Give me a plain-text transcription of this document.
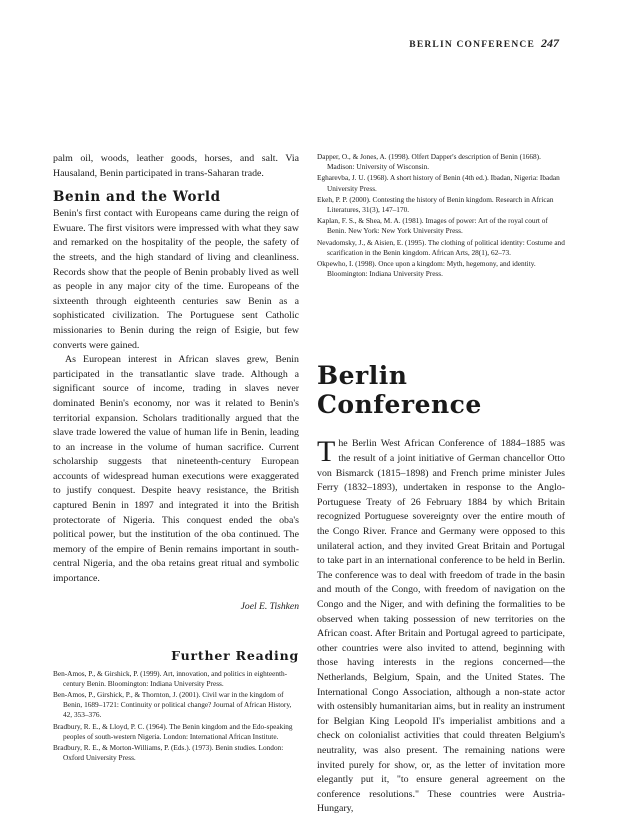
BERLIN CONFERENCE 247

palm oil, woods, leather goods, horses, and salt. Via Hausaland, Benin participated in trans-Saharan trade.

Benin and the World

Benin's first contact with Europeans came during the reign of Ewuare. The first visitors were impressed with what they saw and remarked on the hospitality of the people, the safety of the streets, and the high standard of living and cleanliness. Records show that the people of Benin probably lived as well as people in any major city of the time. Europeans of the sixteenth through eighteenth centuries saw Benin as a sophisticated civilization. The Portuguese sent Catholic missionaries to Benin during the reign of Esigie, but few converts were gained.

As European interest in African slaves grew, Benin participated in the transatlantic slave trade. Although a significant source of income, trading in slaves never dominated Benin's economy, nor was it related to Benin's territorial expansion. Scholars traditionally argued that the slave trade lowered the value of human life in Benin, leading to an increase in the volume of human sacrifice. Current scholarship suggests that nineteenth-century European accounts of widespread human executions were exaggerated to justify conquest. Despite heavy resistance, the British captured Benin in 1897 and integrated it into the British protectorate of Nigeria. This conquest ended the oba's political power, but the institution of the oba continued. The memory of the empire of Benin remains important in south-central Nigeria, and the oba retains great ritual and symbolic importance.

Joel E. Tishken
Further Reading
Ben-Amos, P., & Girshick, P. (1999). Art, innovation, and politics in eighteenth-century Benin. Bloomington: Indiana University Press.
Ben-Amos, P., Girshick, P., & Thornton, J. (2001). Civil war in the kingdom of Benin, 1689–1721: Continuity or political change? Journal of African History, 42, 353–376.
Bradbury, R. E., & Lloyd, P. C. (1964). The Benin kingdom and the Edo-speaking peoples of south-western Nigeria. London: International African Institute.
Bradbury, R. E., & Morton-Williams, P. (Eds.). (1973). Benin studies. London: Oxford University Press.
Dapper, O., & Jones, A. (1998). Olfert Dapper's description of Benin (1668). Madison: University of Wisconsin.
Egharevba, J. U. (1968). A short history of Benin (4th ed.). Ibadan, Nigeria: Ibadan University Press.
Ekeh, P. P. (2000). Contesting the history of Benin kingdom. Research in African Literatures, 31(3), 147–170.
Kaplan, F. S., & Shea, M. A. (1981). Images of power: Art of the royal court of Benin. New York: New York University Press.
Nevadomsky, J., & Aisien, E. (1995). The clothing of political identity: Costume and scarification in the Benin kingdom. African Arts, 28(1), 62–73.
Okpewho, I. (1998). Once upon a kingdom: Myth, hegemony, and identity. Bloomington: Indiana University Press.
Berlin Conference

The Berlin West African Conference of 1884–1885 was the result of a joint initiative of German chancellor Otto von Bismarck (1815–1898) and French prime minister Jules Ferry (1832–1893), undertaken in response to the Anglo-Portuguese Treaty of 26 February 1884 by which Britain recognized Portuguese sovereignty over the entire mouth of the Congo River. France and Germany were opposed to this unilateral action, and they invited Great Britain and Portugal to take part in an international conference to be held in Berlin. The conference was to deal with freedom of trade in the basin and mouth of the Congo, with freedom of navigation on the Congo and the Niger, and with defining the formalities to be observed when taking possession of new territories on the African coast. After Britain and Portugal agreed to participate, other countries were also invited to attend, beginning with those having interests in the regions concerned—the Netherlands, Belgium, Spain, and the United States. The International Congo Association, although a non-state actor with ostensibly humanitarian aims, but in reality an instrument for Belgian King Leopold II's imperialist ambitions and a check on colonialist activities that could threaten Belgium's neutrality, was also present. The remaining nations were invited purely for show, or, as the letter of invitation more elegantly put it, "to ensure general agreement on the conference resolutions." These countries were Austria-Hungary,
